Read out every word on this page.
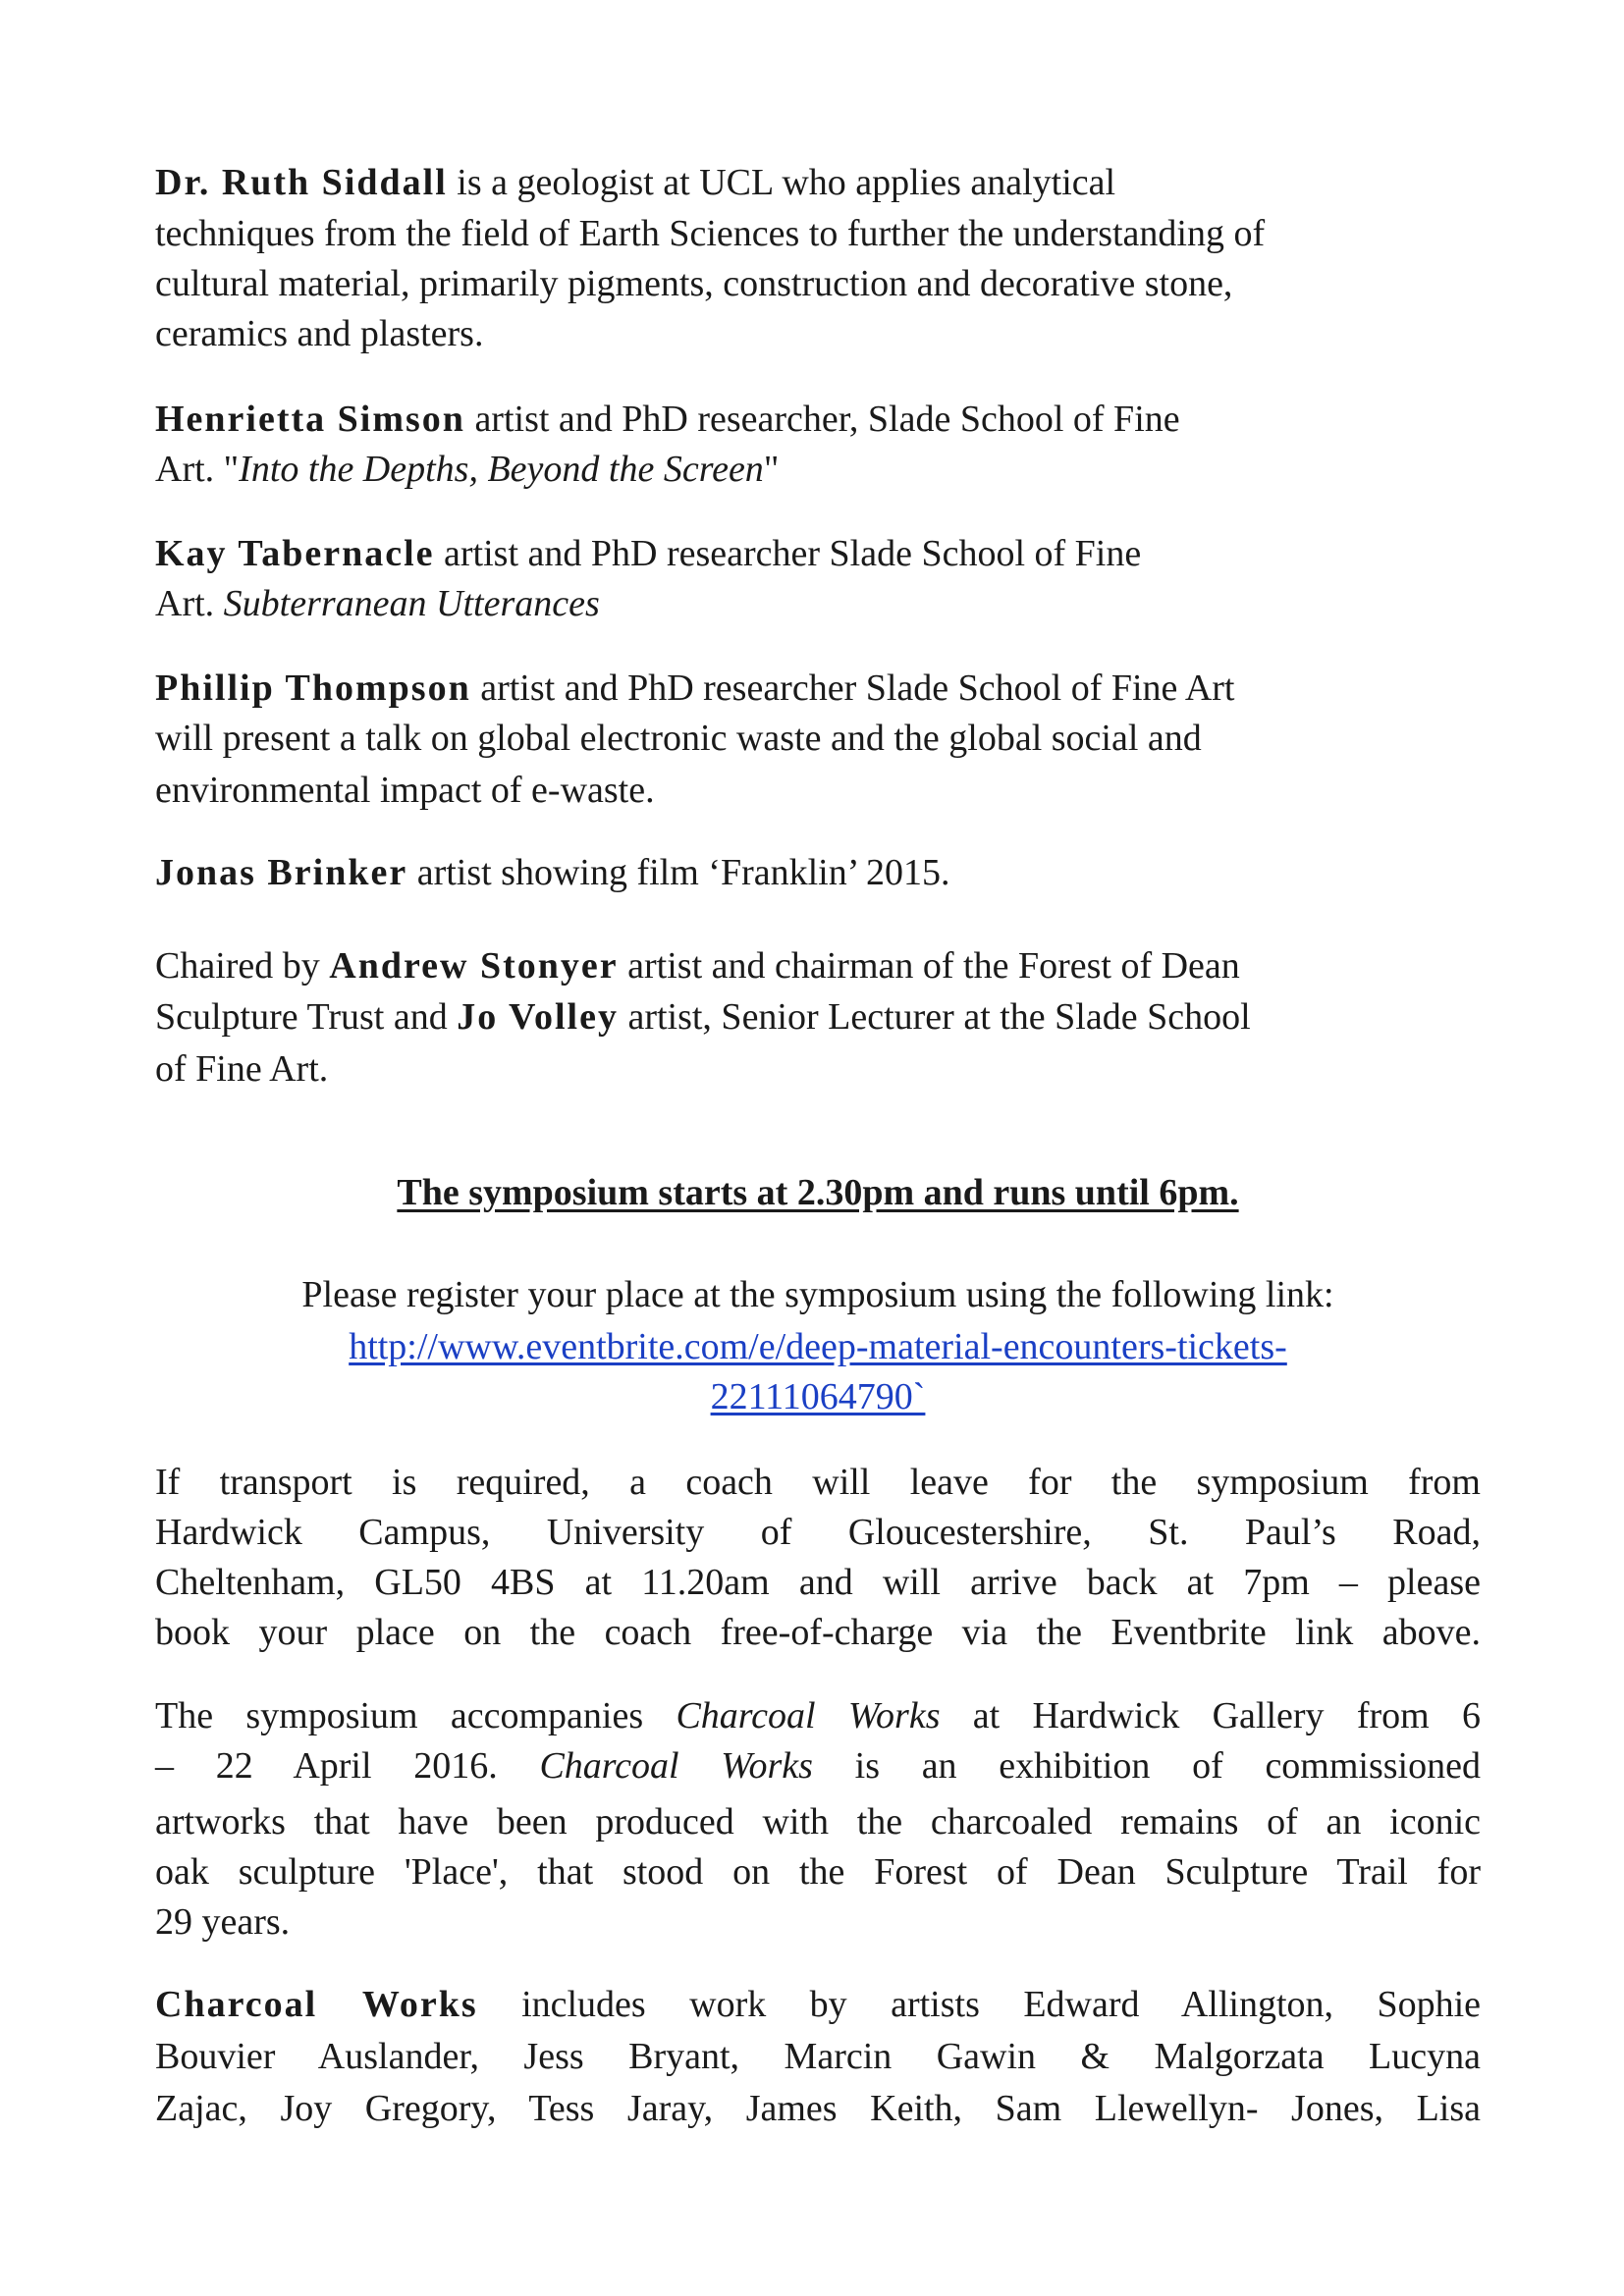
Dr. Ruth Siddall is a geologist at UCL who applies analytical
techniques from the field of Earth Sciences to further the understanding of
cultural material, primarily pigments, construction and decorative stone,
ceramics and plasters.
Henrietta Simson artist and PhD researcher, Slade School of Fine
Art. "Into the Depths, Beyond the Screen"
Kay Tabernacle artist and PhD researcher Slade School of Fine
Art. Subterranean Utterances
Phillip Thompson artist and PhD researcher Slade School of Fine Art
will present a talk on global electronic waste and the global social and
environmental impact of e-waste.
Jonas Brinker artist showing film ‘Franklin’ 2015.
Chaired by Andrew Stonyer artist and chairman of the Forest of Dean
Sculpture Trust and Jo Volley artist, Senior Lecturer at the Slade School
of Fine Art.
The symposium starts at 2.30pm and runs until 6pm.
Please register your place at the symposium using the following link:
http://www.eventbrite.com/e/deep-material-encounters-tickets-
22111064790`
If transport is required, a coach will leave for the symposium from
Hardwick Campus, University of Gloucestershire, St. Paul’s Road,
Cheltenham, GL50 4BS at 11.20am and will arrive back at 7pm – please
book your place on the coach free-of-charge via the Eventbrite link above.
The symposium accompanies Charcoal Works at Hardwick Gallery from 6
– 22 April 2016. Charcoal Works is an exhibition of commissioned
artworks that have been produced with the charcoaled remains of an iconic
oak sculpture 'Place', that stood on the Forest of Dean Sculpture Trail for
29 years.
Charcoal Works includes work by artists Edward Allington, Sophie
Bouvier Auslander, Jess Bryant, Marcin Gawin & Malgorzata Lucyna
Zajac, Joy Gregory, Tess Jaray, James Keith, Sam Llewellyn- Jones, Lisa
